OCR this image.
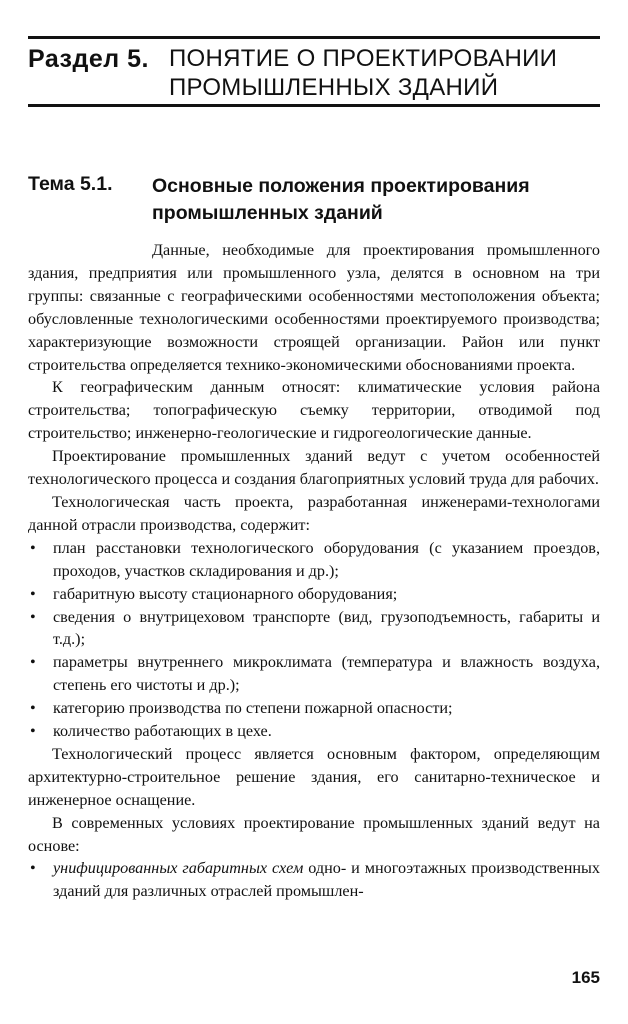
Раздел 5. ПОНЯТИЕ О ПРОЕКТИРОВАНИИ
ПРОМЫШЛЕННЫХ ЗДАНИЙ
Тема 5.1. Основные положения проектирования
промышленных зданий

Данные, необходимые для проектирования промышленного здания, предприятия или промышленного узла, делятся в основном на три группы: связанные с географическими особенностями местоположения объекта; обусловленные технологическими особенностями проектируемого производства; характеризующие возможности строящей организации. Район или пункт строительства определяется технико-экономическими обоснованиями проекта.

К географическим данным относят: климатические условия района строительства; топографическую съемку территории, отводимой под строительство; инженерно-геологические и гидрогеологические данные.

Проектирование промышленных зданий ведут с учетом особенностей технологического процесса и создания благоприятных условий труда для рабочих.

Технологическая часть проекта, разработанная инженерами-технологами данной отрасли производства, содержит:

• план расстановки технологического оборудования (с указанием проездов, проходов, участков складирования и др.);
• габаритную высоту стационарного оборудования;
• сведения о внутрицеховом транспорте (вид, грузоподъемность, габариты и т.д.);
• параметры внутреннего микроклимата (температура и влажность воздуха, степень его чистоты и др.);
• категорию производства по степени пожарной опасности;
• количество работающих в цехе.

Технологический процесс является основным фактором, определяющим архитектурно-строительное решение здания, его санитарно-техническое и инженерное оснащение.

В современных условиях проектирование промышленных зданий ведут на основе:

• унифицированных габаритных схем одно- и многоэтажных производственных зданий для различных отраслей промышлен-
165
